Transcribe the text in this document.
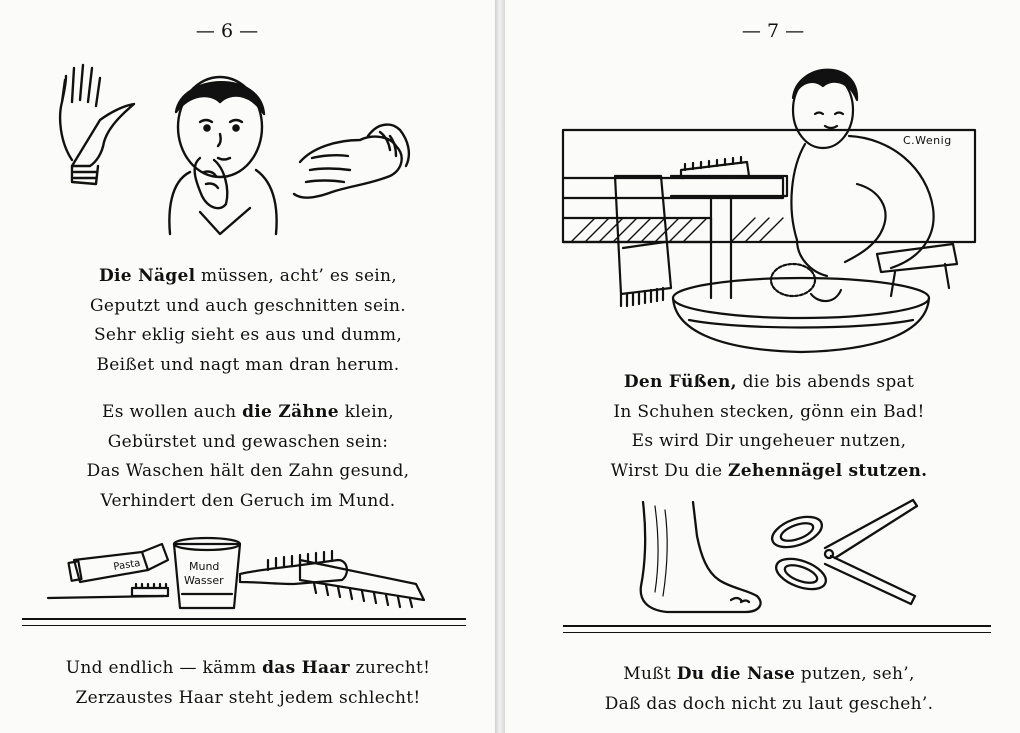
— 6 —
Die Nägel müssen, acht’ es sein,
Geputzt und auch geschnitten sein.
Sehr eklig sieht es aus und dumm,
Beißet und nagt man dran herum.
Es wollen auch die Zähne klein,
Gebürstet und gewaschen sein:
Das Waschen hält den Zahn gesund,
Verhindert den Geruch im Mund.
Pasta	Mund
Wasser
Und endlich — kämm das Haar zurecht!
Zerzaustes Haar steht jedem schlecht!
— 7 —
C.Wenig
Den Füßen, die bis abends spat
In Schuhen stecken, gönn ein Bad!
Es wird Dir ungeheuer nutzen,
Wirst Du die Zehennägel stutzen.
Mußt Du die Nase putzen, seh’,
Daß das doch nicht zu laut gescheh’.
